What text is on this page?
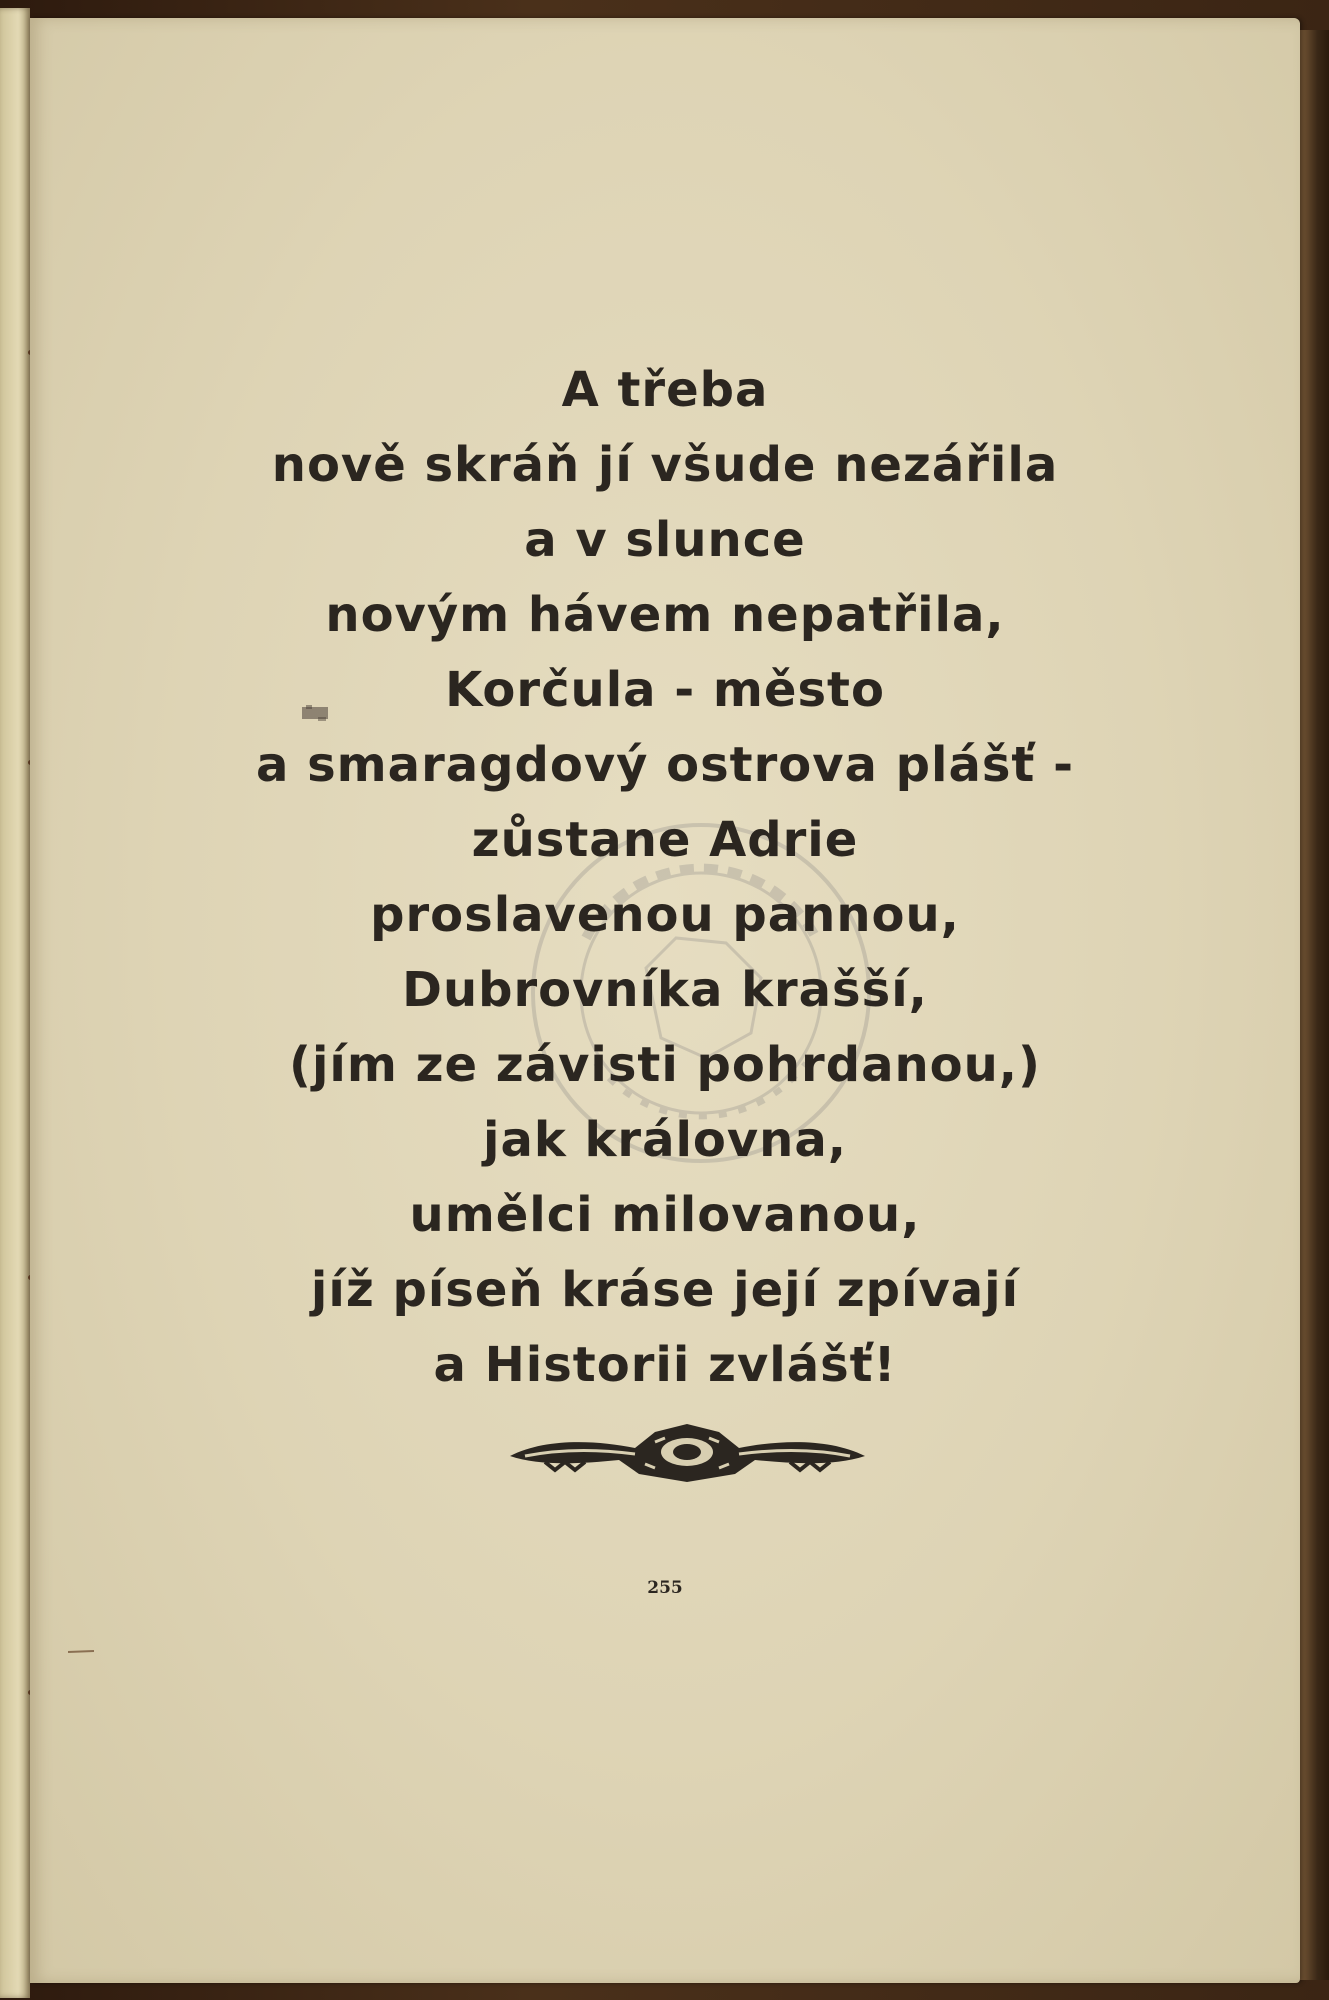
A třeba
nově skráň jí všude nezářila
a v slunce
novým hávem nepatřila,
Korčula - město
a smaragdový ostrova plášť -
zůstane Adrie
proslavenou pannou,
Dubrovníka krašší,
(jím ze závisti pohrdanou,)
jak královna,
umělci milovanou,
jíž píseň krásе její zpívají
a Historii zvlášť!
255
